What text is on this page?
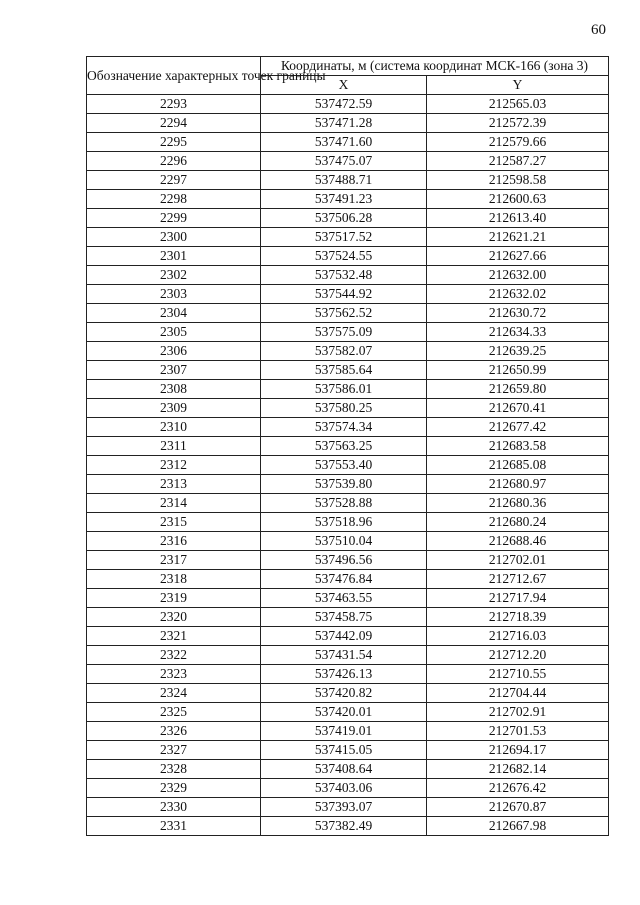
60
Обозначение характерных точек границы	Координаты, м (система координат МСК-166 (зона 3)	
	X	Y
2293	537472.59	212565.03
2294	537471.28	212572.39
2295	537471.60	212579.66
2296	537475.07	212587.27
2297	537488.71	212598.58
2298	537491.23	212600.63
2299	537506.28	212613.40
2300	537517.52	212621.21
2301	537524.55	212627.66
2302	537532.48	212632.00
2303	537544.92	212632.02
2304	537562.52	212630.72
2305	537575.09	212634.33
2306	537582.07	212639.25
2307	537585.64	212650.99
2308	537586.01	212659.80
2309	537580.25	212670.41
2310	537574.34	212677.42
2311	537563.25	212683.58
2312	537553.40	212685.08
2313	537539.80	212680.97
2314	537528.88	212680.36
2315	537518.96	212680.24
2316	537510.04	212688.46
2317	537496.56	212702.01
2318	537476.84	212712.67
2319	537463.55	212717.94
2320	537458.75	212718.39
2321	537442.09	212716.03
2322	537431.54	212712.20
2323	537426.13	212710.55
2324	537420.82	212704.44
2325	537420.01	212702.91
2326	537419.01	212701.53
2327	537415.05	212694.17
2328	537408.64	212682.14
2329	537403.06	212676.42
2330	537393.07	212670.87
2331	537382.49	212667.98
